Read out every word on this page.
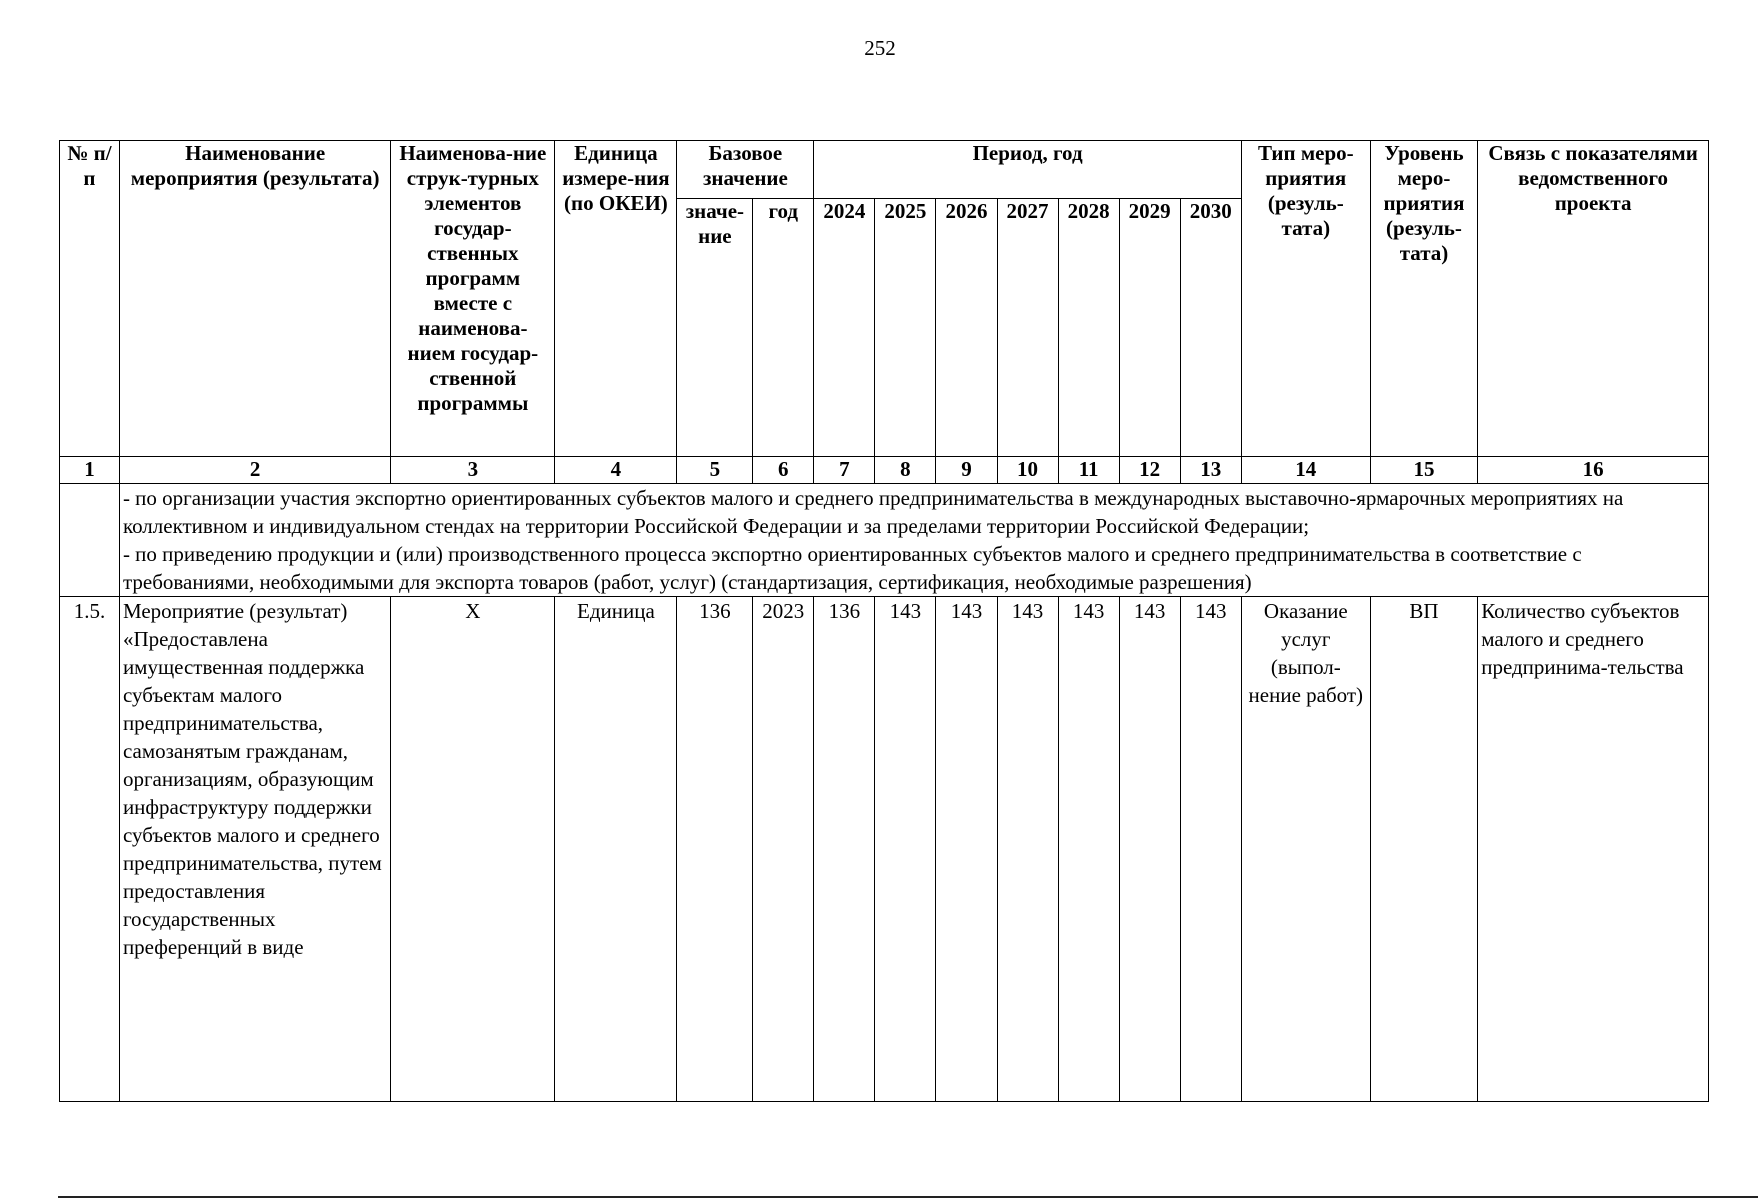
252
№ п/п	Наименование мероприятия (результата)	Наименова-ние струк-турных элементов государ-ственных программ вместе с наименова-нием государ-ственной программы	Единица измере-ния (по ОКЕИ)	Базовое значение		Период, год							Тип меро-приятия (резуль-тата)	Уровень меро-приятия (резуль-тата)	Связь с показателями ведомственного проекта
				значе-ние	год	2024	2025	2026	2027	2028	2029	2030			
1	2	3	4	5	6	7	8	9	10	11	12	13	14	15	16

	- по организации участия экспортно ориентированных субъектов малого и среднего предпринимательства в международных выставочно-ярмарочных мероприятиях на коллективном и индивидуальном стендах на территории Российской Федерации и за пределами территории Российской Федерации;
- по приведению продукции и (или) производственного процесса экспортно ориентированных субъектов малого и среднего предпринимательства в соответствие с требованиями, необходимыми для экспорта товаров (работ, услуг) (стандартизация, сертификация, необходимые разрешения)														

1.5.	Мероприятие (результат) «Предоставлена имущественная поддержка субъектам малого предпринимательства, самозанятым гражданам, организациям, образующим инфраструктуру поддержки субъектов малого и среднего предпринимательства, путем предоставления государственных преференций в виде	Х	Единица	136	2023	136	143	143	143	143	143	143	Оказание услуг (выпол-нение работ)	ВП	Количество субъектов малого и среднего предпринима-тельства
